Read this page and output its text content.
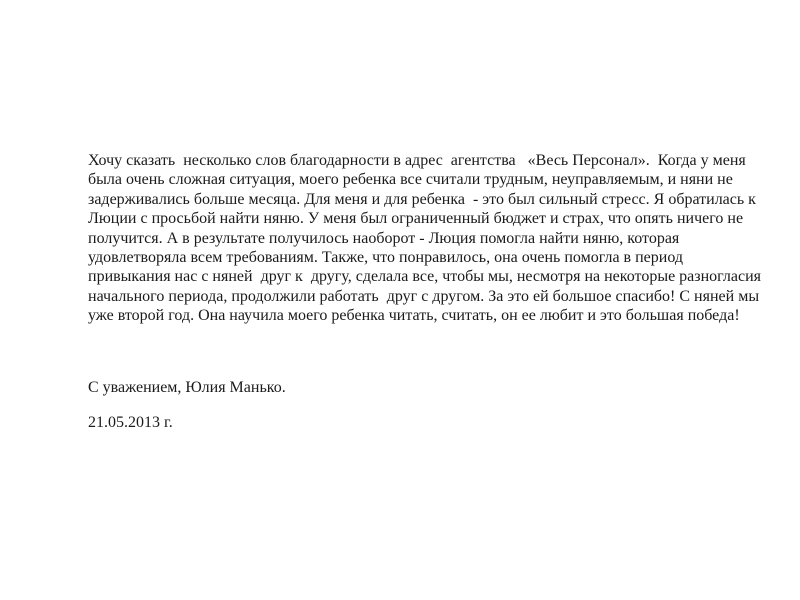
Хочу сказать  несколько слов благодарности в адрес  агентства   «Весь Персонал».  Когда у меня
была очень сложная ситуация, моего ребенка все считали трудным, неуправляемым, и няни не
задерживались больше месяца. Для меня и для ребенка  - это был сильный стресс. Я обратилась к
Люции с просьбой найти няню. У меня был ограниченный бюджет и страх, что опять ничего не
получится. А в результате получилось наоборот - Люция помогла найти няню, которая
удовлетворяла всем требованиям. Также, что понравилось, она очень помогла в период
привыкания нас с няней  друг к  другу, сделала все, чтобы мы, несмотря на некоторые разногласия
начального периода, продолжили работать  друг с другом. За это ей большое спасибо! С няней мы
уже второй год. Она научила моего ребенка читать, считать, он ее любит и это большая победа!
С уважением, Юлия Манько.
21.05.2013 г.
